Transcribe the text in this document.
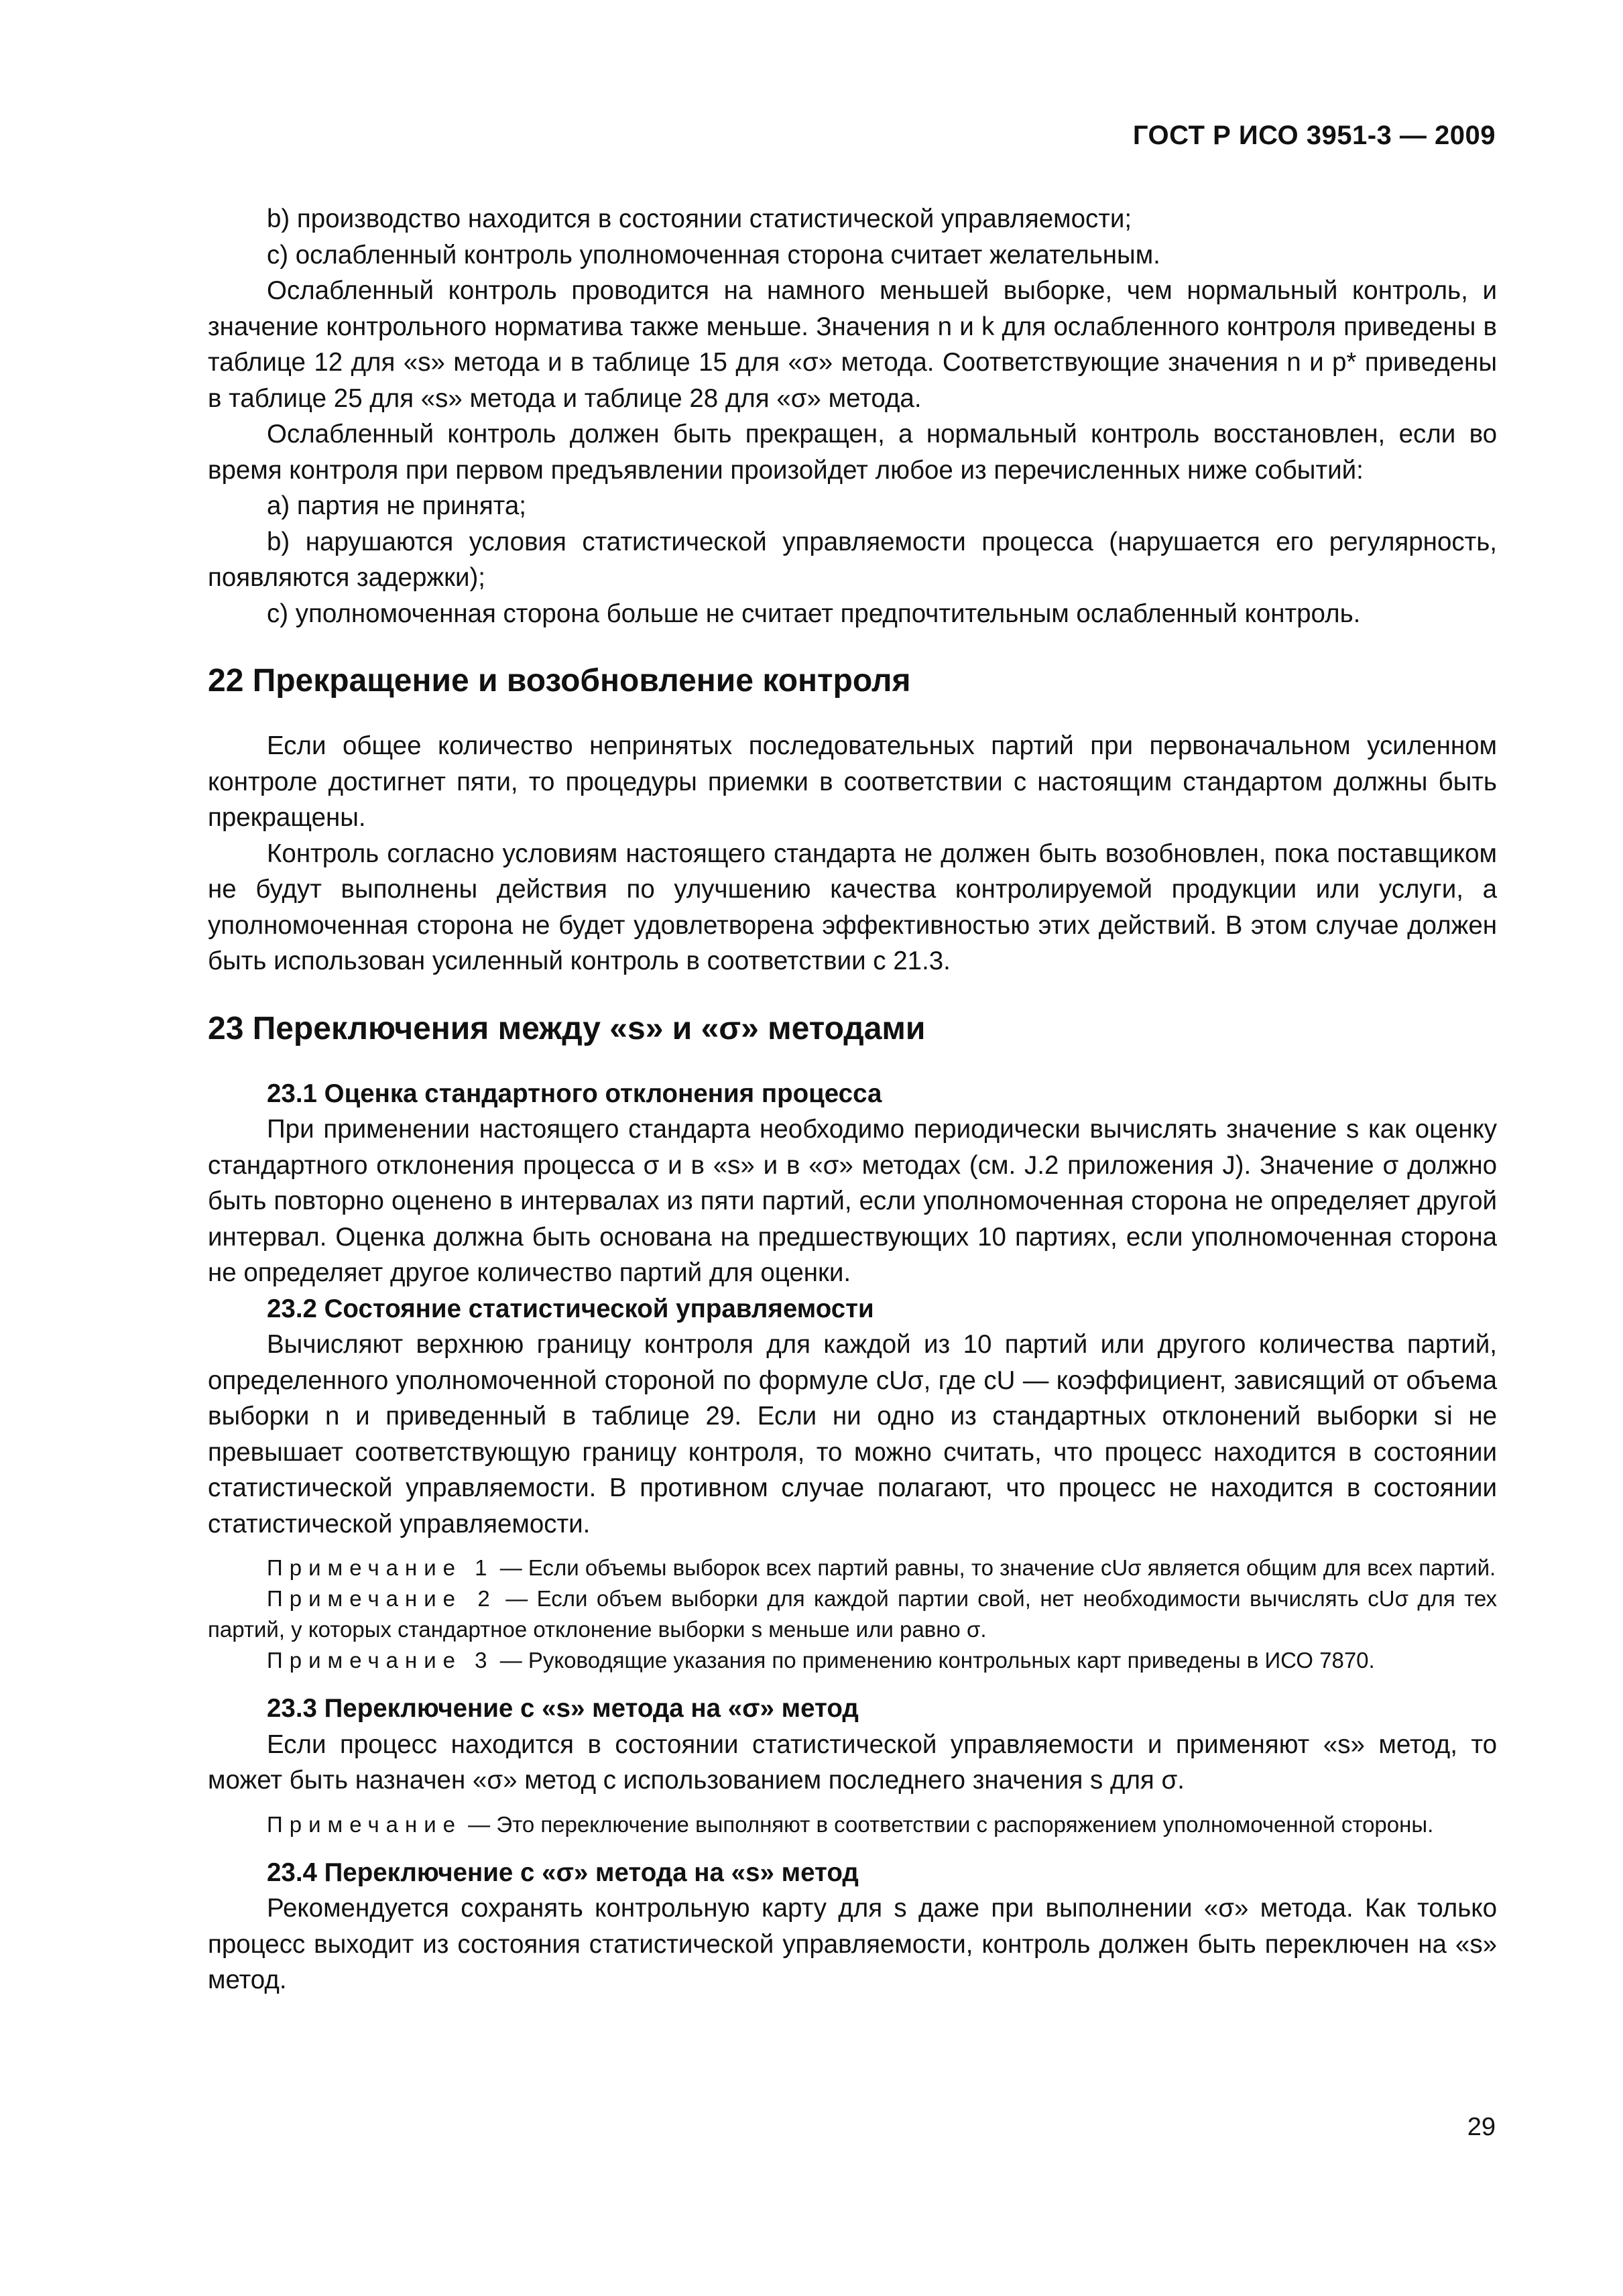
ГОСТ Р ИСО 3951-3 — 2009

b) производство находится в состоянии статистической управляемости;

c) ослабленный контроль уполномоченная сторона считает желательным.

Ослабленный контроль проводится на намного меньшей выборке, чем нормальный контроль, и значение контрольного норматива также меньше. Значения n и k для ослабленного контроля приведены в таблице 12 для «s» метода и в таблице 15 для «σ» метода. Соответствующие значения n и p* приведены в таблице 25 для «s» метода и таблице 28 для «σ» метода.

Ослабленный контроль должен быть прекращен, а нормальный контроль восстановлен, если во время контроля при первом предъявлении произойдет любое из перечисленных ниже событий:

a) партия не принята;

b) нарушаются условия статистической управляемости процесса (нарушается его регулярность, появляются задержки);

c) уполномоченная сторона больше не считает предпочтительным ослабленный контроль.

22 Прекращение и возобновление контроля

Если общее количество непринятых последовательных партий при первоначальном усиленном контроле достигнет пяти, то процедуры приемки в соответствии с настоящим стандартом должны быть прекращены.

Контроль согласно условиям настоящего стандарта не должен быть возобновлен, пока поставщиком не будут выполнены действия по улучшению качества контролируемой продукции или услуги, а уполномоченная сторона не будет удовлетворена эффективностью этих действий. В этом случае должен быть использован усиленный контроль в соответствии с 21.3.

23 Переключения между «s» и «σ» методами
23.1 Оценка стандартного отклонения процесса

При применении настоящего стандарта необходимо периодически вычислять значение s как оценку стандартного отклонения процесса σ и в «s» и в «σ» методах (см. J.2 приложения J). Значение σ должно быть повторно оценено в интервалах из пяти партий, если уполномоченная сторона не определяет другой интервал. Оценка должна быть основана на предшествующих 10 партиях, если уполномоченная сторона не определяет другое количество партий для оценки.

23.2 Состояние статистической управляемости

Вычисляют верхнюю границу контроля для каждой из 10 партий или другого количества партий, определенного уполномоченной стороной по формуле cUσ, где cU — коэффициент, зависящий от объема выборки n и приведенный в таблице 29. Если ни одно из стандартных отклонений выборки si не превышает соответствующую границу контроля, то можно считать, что процесс находится в состоянии статистической управляемости. В противном случае полагают, что процесс не находится в состоянии статистической управляемости.

Примечание 1 — Если объемы выборок всех партий равны, то значение cUσ является общим для всех партий.

Примечание 2 — Если объем выборки для каждой партии свой, нет необходимости вычислять cUσ для тех партий, у которых стандартное отклонение выборки s меньше или равно σ.

Примечание 3 — Руководящие указания по применению контрольных карт приведены в ИСО 7870.

23.3 Переключение с «s» метода на «σ» метод

Если процесс находится в состоянии статистической управляемости и применяют «s» метод, то может быть назначен «σ» метод с использованием последнего значения s для σ.

Примечание — Это переключение выполняют в соответствии с распоряжением уполномоченной стороны.

23.4 Переключение с «σ» метода на «s» метод

Рекомендуется сохранять контрольную карту для s даже при выполнении «σ» метода. Как только процесс выходит из состояния статистической управляемости, контроль должен быть переключен на «s» метод.

29
